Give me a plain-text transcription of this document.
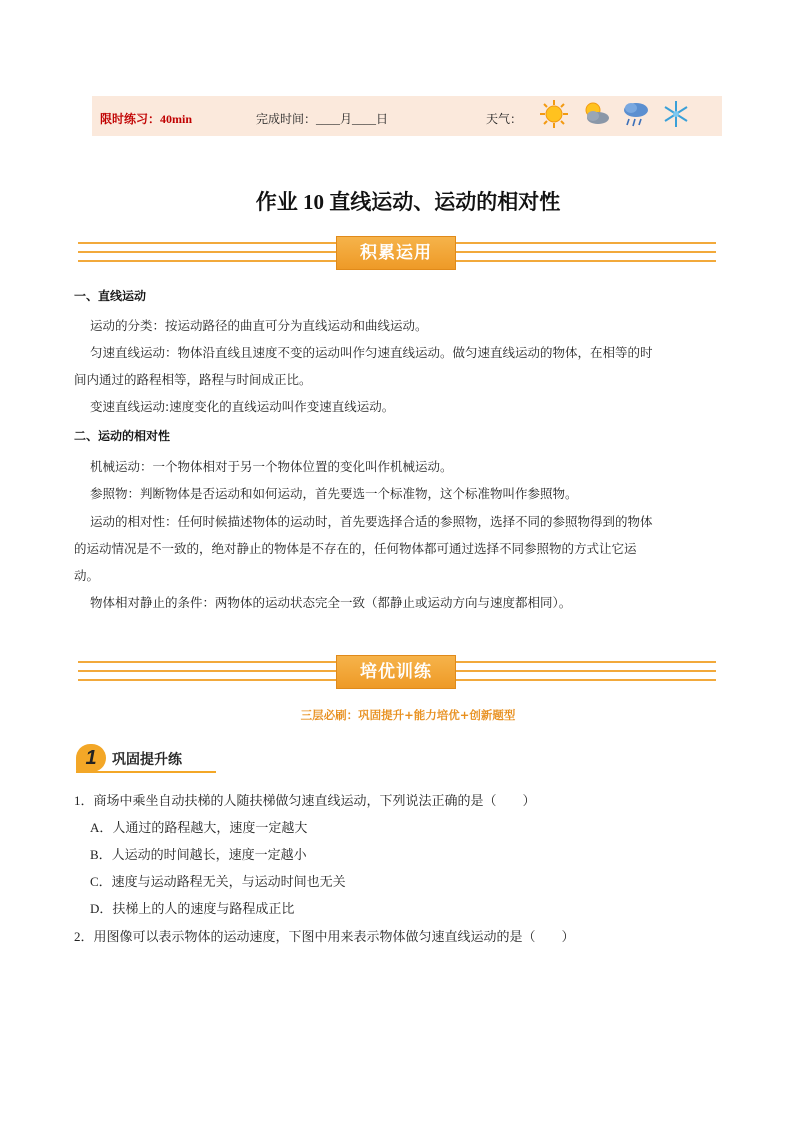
限时练习：40min	完成时间：____月____日	天气：
作业 10 直线运动、运动的相对性
积累运用
一、直线运动
运动的分类：按运动路径的曲直可分为直线运动和曲线运动。
匀速直线运动：物体沿直线且速度不变的运动叫作匀速直线运动。做匀速直线运动的物体，在相等的时
间内通过的路程相等，路程与时间成正比。
变速直线运动:速度变化的直线运动叫作变速直线运动。
二、运动的相对性
机械运动：一个物体相对于另一个物体位置的变化叫作机械运动。
参照物：判断物体是否运动和如何运动，首先要选一个标准物，这个标准物叫作参照物。
运动的相对性：任何时候描述物体的运动时，首先要选择合适的参照物，选择不同的参照物得到的物体
的运动情况是不一致的，绝对静止的物体是不存在的，任何物体都可通过选择不同参照物的方式让它运
动。
物体相对静止的条件：两物体的运动状态完全一致（都静止或运动方向与速度都相同）。
培优训练
三层必刷：巩固提升+能力培优+创新题型
1	巩固提升练
1．商场中乘坐自动扶梯的人随扶梯做匀速直线运动，下列说法正确的是（　　）
A．人通过的路程越大，速度一定越大
B．人运动的时间越长，速度一定越小
C．速度与运动路程无关，与运动时间也无关
D．扶梯上的人的速度与路程成正比
2．用图像可以表示物体的运动速度，下图中用来表示物体做匀速直线运动的是（　　）
